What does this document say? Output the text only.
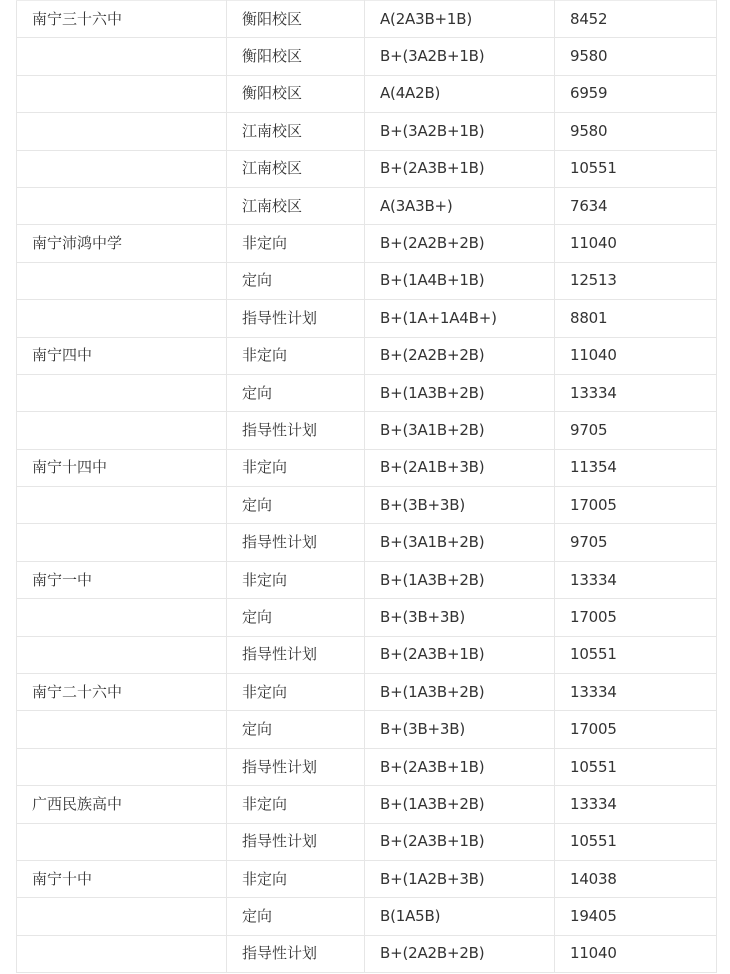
南宁三十六中	衡阳校区	A(2A3B+1B)	8452
	衡阳校区	B+(3A2B+1B)	9580
	衡阳校区	A(4A2B)	6959
	江南校区	B+(3A2B+1B)	9580
	江南校区	B+(2A3B+1B)	10551
	江南校区	A(3A3B+)	7634
南宁沛鸿中学	非定向	B+(2A2B+2B)	11040
	定向	B+(1A4B+1B)	12513
	指导性计划	B+(1A+1A4B+)	8801
南宁四中	非定向	B+(2A2B+2B)	11040
	定向	B+(1A3B+2B)	13334
	指导性计划	B+(3A1B+2B)	9705
南宁十四中	非定向	B+(2A1B+3B)	11354
	定向	B+(3B+3B)	17005
	指导性计划	B+(3A1B+2B)	9705
南宁一中	非定向	B+(1A3B+2B)	13334
	定向	B+(3B+3B)	17005
	指导性计划	B+(2A3B+1B)	10551
南宁二十六中	非定向	B+(1A3B+2B)	13334
	定向	B+(3B+3B)	17005
	指导性计划	B+(2A3B+1B)	10551
广西民族高中	非定向	B+(1A3B+2B)	13334
	指导性计划	B+(2A3B+1B)	10551
南宁十中	非定向	B+(1A2B+3B)	14038
	定向	B(1A5B)	19405
	指导性计划	B+(2A2B+2B)	11040
